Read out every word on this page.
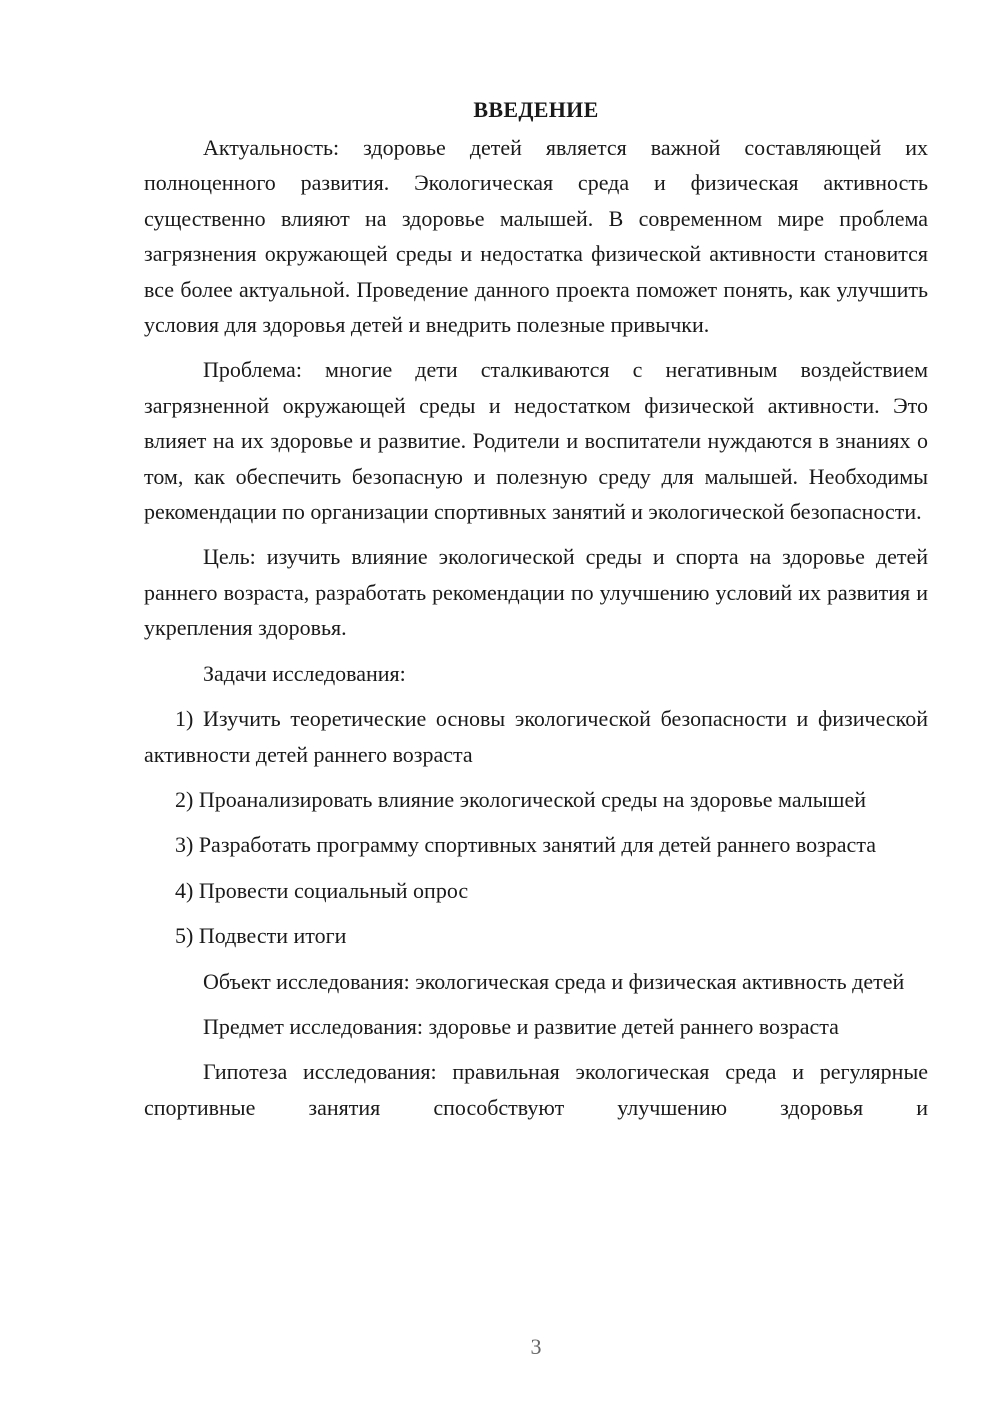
ВВЕДЕНИЕ

Актуальность: здоровье детей является важной составляющей их полноценного развития. Экологическая среда и физическая активность существенно влияют на здоровье малышей. В современном мире проблема загрязнения окружающей среды и недостатка физической активности становится все более актуальной. Проведение данного проекта поможет понять, как улучшить условия для здоровья детей и внедрить полезные привычки.

Проблема: многие дети сталкиваются с негативным воздействием загрязненной окружающей среды и недостатком физической активности. Это влияет на их здоровье и развитие. Родители и воспитатели нуждаются в знаниях о том, как обеспечить безопасную и полезную среду для малышей. Необходимы рекомендации по организации спортивных занятий и экологической безопасности.

Цель: изучить влияние экологической среды и спорта на здоровье детей раннего возраста, разработать рекомендации по улучшению условий их развития и укрепления здоровья.

Задачи исследования:

1) Изучить теоретические основы экологической безопасности и физической активности детей раннего возраста

2) Проанализировать влияние экологической среды на здоровье малышей

3) Разработать программу спортивных занятий для детей раннего возраста

4) Провести социальный опрос

5) Подвести итоги

Объект исследования: экологическая среда и физическая активность детей

Предмет исследования: здоровье и развитие детей раннего возраста

Гипотеза исследования: правильная экологическая среда и регулярные спортивные занятия способствуют улучшению здоровья и

3
